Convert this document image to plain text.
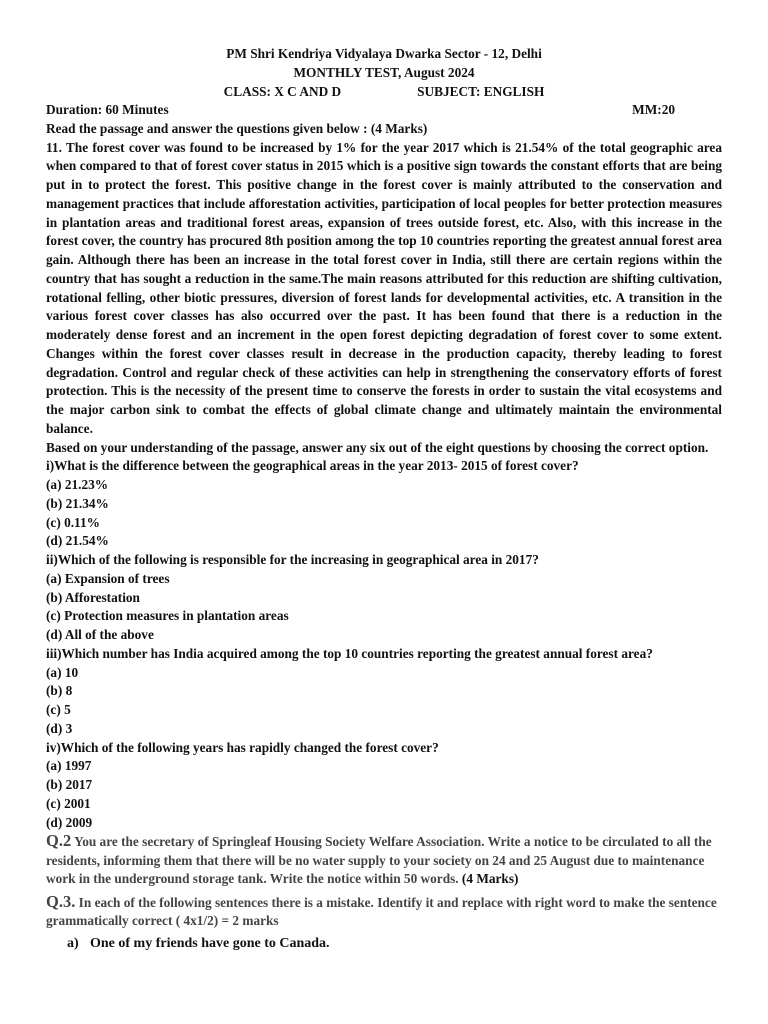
PM Shri Kendriya Vidyalaya Dwarka Sector - 12, Delhi
MONTHLY TEST, August 2024
CLASS: X C AND D	SUBJECT: ENGLISH
Duration: 60 Minutes	MM:20
Read the passage and answer the questions given below : (4 Marks)
11. The forest cover was found to be increased by 1% for the year 2017 which is 21.54% of the total geographic area when compared to that of forest cover status in 2015 which is a positive sign towards the constant efforts that are being put in to protect the forest. This positive change in the forest cover is mainly attributed to the conservation and management practices that include afforestation activities, participation of local peoples for better protection measures in plantation areas and traditional forest areas, expansion of trees outside forest, etc. Also, with this increase in the forest cover, the country has procured 8th position among the top 10 countries reporting the greatest annual forest area gain. Although there has been an increase in the total forest cover in India, still there are certain regions within the country that has sought a reduction in the same.The main reasons attributed for this reduction are shifting cultivation, rotational felling, other biotic pressures, diversion of forest lands for developmental activities, etc. A transition in the various forest cover classes has also occurred over the past. It has been found that there is a reduction in the moderately dense forest and an increment in the open forest depicting degradation of forest cover to some extent. Changes within the forest cover classes result in decrease in the production capacity, thereby leading to forest degradation. Control and regular check of these activities can help in strengthening the conservatory efforts of forest protection. This is the necessity of the present time to conserve the forests in order to sustain the vital ecosystems and the major carbon sink to combat the effects of global climate change and ultimately maintain the environmental balance.
Based on your understanding of the passage, answer any six out of the eight questions by choosing the correct option.
i)What is the difference between the geographical areas in the year 2013- 2015 of forest cover?
(a) 21.23%
(b) 21.34%
(c) 0.11%
(d) 21.54%
ii)Which of the following is responsible for the increasing in geographical area in 2017?
(a) Expansion of trees
(b) Afforestation
(c) Protection measures in plantation areas
(d) All of the above
iii)Which number has India acquired among the top 10 countries reporting the greatest annual forest area?
(a) 10
(b) 8
(c) 5
(d) 3
iv)Which of the following years has rapidly changed the forest cover?
(a) 1997
(b) 2017
(c) 2001
(d) 2009
Q.2 You are the secretary of Springleaf Housing Society Welfare Association. Write a notice to be circulated to all the residents, informing them that there will be no water supply to your society on 24 and 25 August due to maintenance work in the underground storage tank. Write the notice within 50 words. (4 Marks)
Q.3. In each of the following sentences there is a mistake. Identify it and replace with right word to make the sentence grammatically correct ( 4x1/2) = 2 marks
a) One of my friends have gone to Canada.
